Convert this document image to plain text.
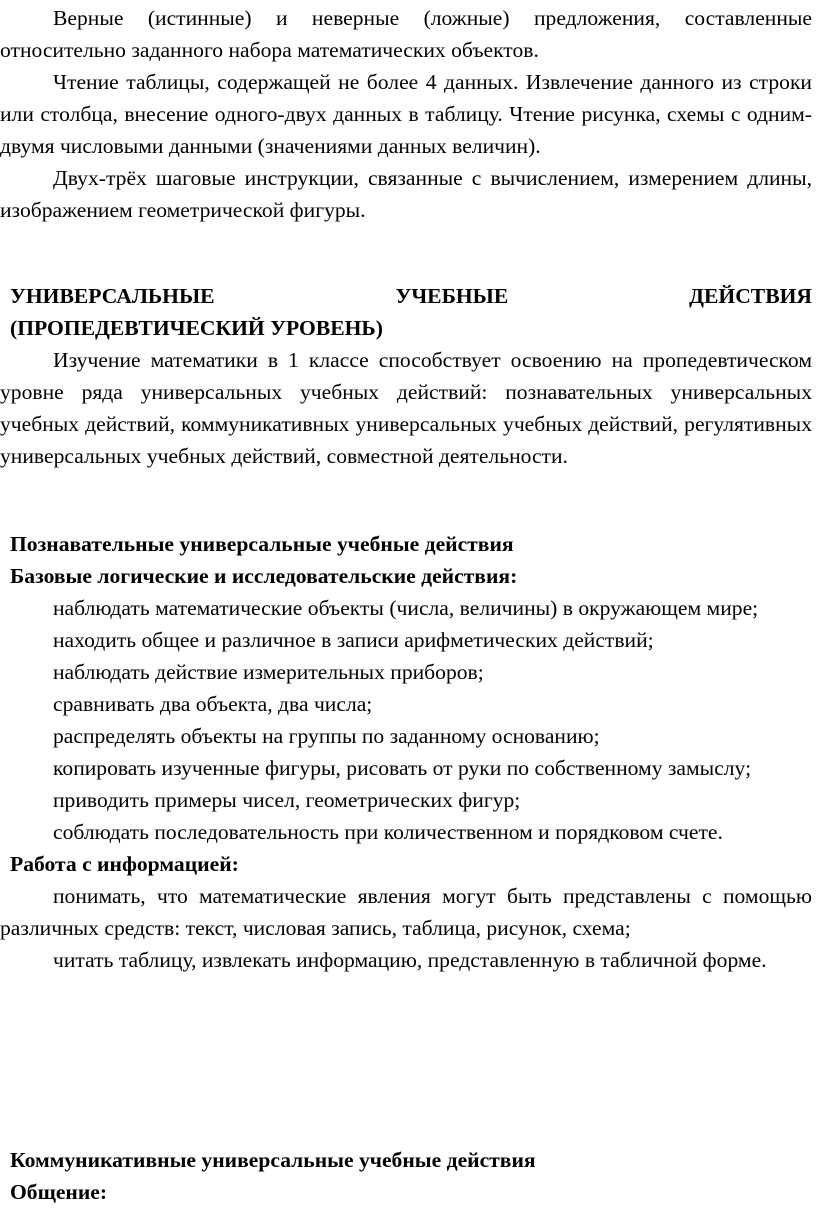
Верные (истинные) и неверные (ложные) предложения, составленные относительно заданного набора математических объектов.

Чтение таблицы, содержащей не более 4 данных. Извлечение данного из строки или столбца, внесение одного-двух данных в таблицу. Чтение рисунка, схемы с одним-двумя числовыми данными (значениями данных величин).

Двух-трёх шаговые инструкции, связанные с вычислением, измерением длины, изображением геометрической фигуры.

УНИВЕРСАЛЬНЫЕ УЧЕБНЫЕ ДЕЙСТВИЯ
(ПРОПЕДЕВТИЧЕСКИЙ УРОВЕНЬ)

Изучение математики в 1 классе способствует освоению на пропедевтическом уровне ряда универсальных учебных действий: познавательных универсальных учебных действий, коммуникативных универсальных учебных действий, регулятивных универсальных учебных действий, совместной деятельности.

Познавательные универсальные учебные действия
Базовые логические и исследовательские действия:

наблюдать математические объекты (числа, величины) в окружающем мире;

находить общее и различное в записи арифметических действий;

наблюдать действие измерительных приборов;

сравнивать два объекта, два числа;

распределять объекты на группы по заданному основанию;

копировать изученные фигуры, рисовать от руки по собственному замыслу;

приводить примеры чисел, геометрических фигур;

соблюдать последовательность при количественном и порядковом счете.

Работа с информацией:

понимать, что математические явления могут быть представлены с помощью различных средств: текст, числовая запись, таблица, рисунок, схема;

читать таблицу, извлекать информацию, представленную в табличной форме.

Коммуникативные универсальные учебные действия
Общение:
